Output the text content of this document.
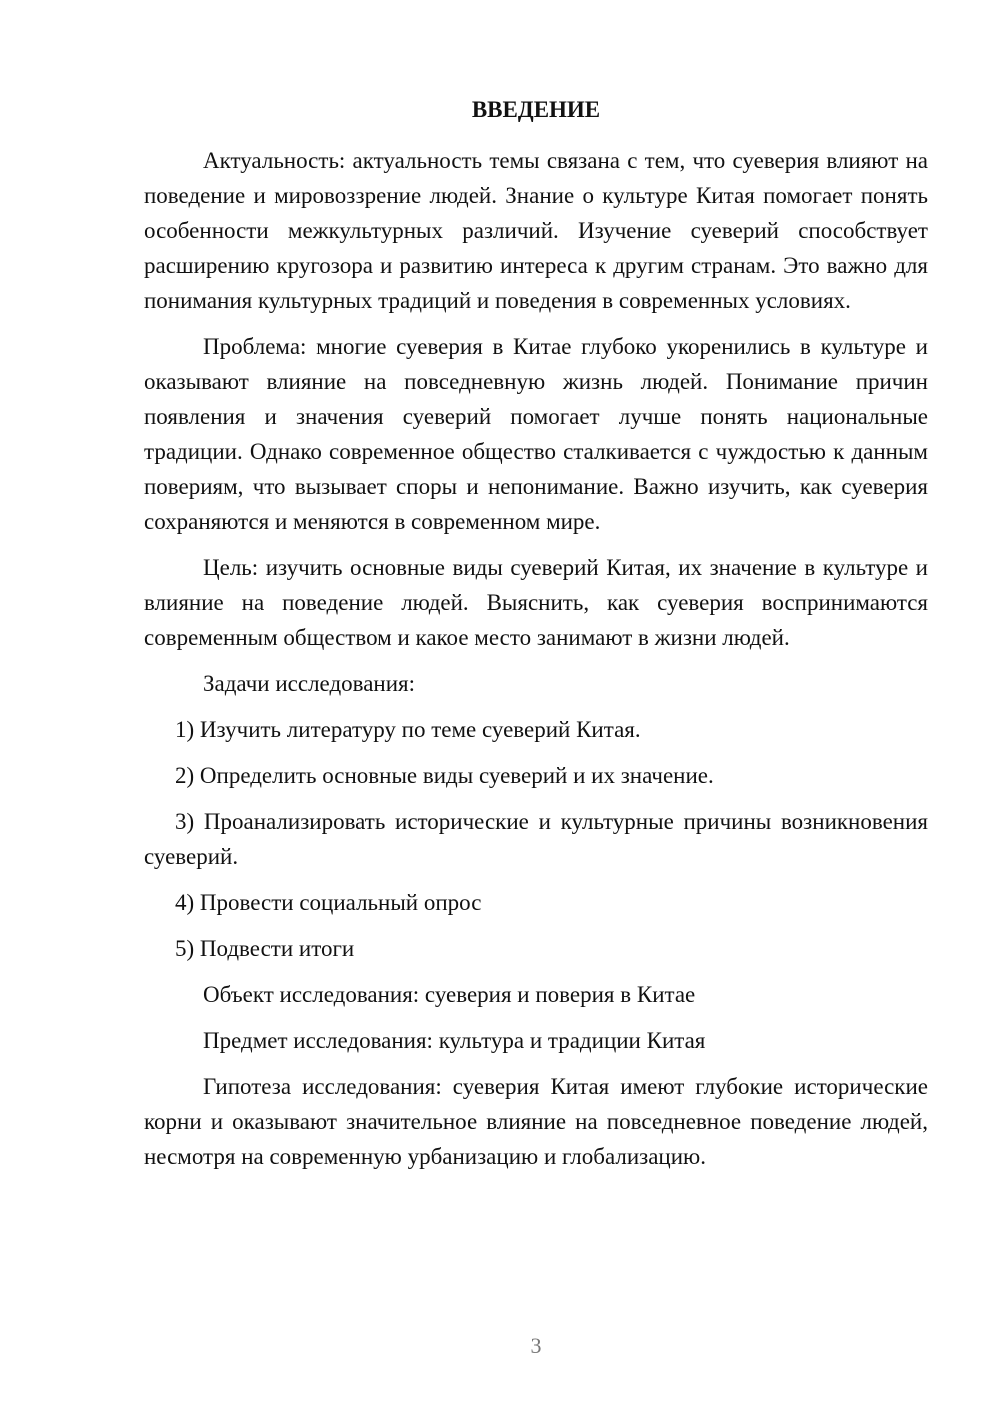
ВВЕДЕНИЕ

Актуальность: актуальность темы связана с тем, что суеверия влияют на поведение и мировоззрение людей. Знание о культуре Китая помогает понять особенности межкультурных различий. Изучение суеверий способствует расширению кругозора и развитию интереса к другим странам. Это важно для понимания культурных традиций и поведения в современных условиях.

Проблема: многие суеверия в Китае глубоко укоренились в культуре и оказывают влияние на повседневную жизнь людей. Понимание причин появления и значения суеверий помогает лучше понять национальные традиции. Однако современное общество сталкивается с чуждостью к данным повериям, что вызывает споры и непонимание. Важно изучить, как суеверия сохраняются и меняются в современном мире.

Цель: изучить основные виды суеверий Китая, их значение в культуре и влияние на поведение людей. Выяснить, как суеверия воспринимаются современным обществом и какое место занимают в жизни людей.

Задачи исследования:

1) Изучить литературу по теме суеверий Китая.

2) Определить основные виды суеверий и их значение.

3) Проанализировать исторические и культурные причины возникновения суеверий.

4) Провести социальный опрос

5) Подвести итоги

Объект исследования: суеверия и поверия в Китае

Предмет исследования: культура и традиции Китая

Гипотеза исследования: суеверия Китая имеют глубокие исторические корни и оказывают значительное влияние на повседневное поведение людей, несмотря на современную урбанизацию и глобализацию.

3
